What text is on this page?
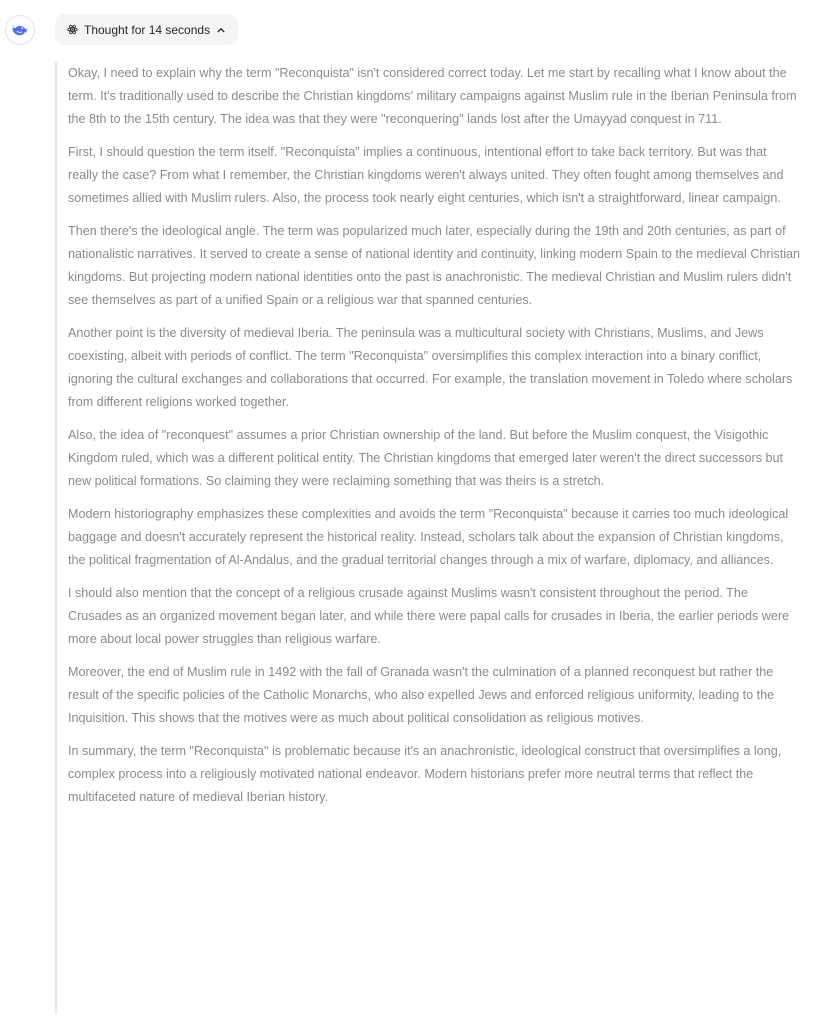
Thought for 14 seconds

Okay, I need to explain why the term "Reconquista" isn't considered correct today. Let me start by recalling what I know about the term. It's traditionally used to describe the Christian kingdoms' military campaigns against Muslim rule in the Iberian Peninsula from the 8th to the 15th century. The idea was that they were "reconquering" lands lost after the Umayyad conquest in 711.

First, I should question the term itself. "Reconquista" implies a continuous, intentional effort to take back territory. But was that really the case? From what I remember, the Christian kingdoms weren't always united. They often fought among themselves and sometimes allied with Muslim rulers. Also, the process took nearly eight centuries, which isn't a straightforward, linear campaign.

Then there's the ideological angle. The term was popularized much later, especially during the 19th and 20th centuries, as part of nationalistic narratives. It served to create a sense of national identity and continuity, linking modern Spain to the medieval Christian kingdoms. But projecting modern national identities onto the past is anachronistic. The medieval Christian and Muslim rulers didn't see themselves as part of a unified Spain or a religious war that spanned centuries.

Another point is the diversity of medieval Iberia. The peninsula was a multicultural society with Christians, Muslims, and Jews coexisting, albeit with periods of conflict. The term "Reconquista" oversimplifies this complex interaction into a binary conflict, ignoring the cultural exchanges and collaborations that occurred. For example, the translation movement in Toledo where scholars from different religions worked together.

Also, the idea of "reconquest" assumes a prior Christian ownership of the land. But before the Muslim conquest, the Visigothic Kingdom ruled, which was a different political entity. The Christian kingdoms that emerged later weren't the direct successors but new political formations. So claiming they were reclaiming something that was theirs is a stretch.

Modern historiography emphasizes these complexities and avoids the term "Reconquista" because it carries too much ideological baggage and doesn't accurately represent the historical reality. Instead, scholars talk about the expansion of Christian kingdoms, the political fragmentation of Al-Andalus, and the gradual territorial changes through a mix of warfare, diplomacy, and alliances.

I should also mention that the concept of a religious crusade against Muslims wasn't consistent throughout the period. The Crusades as an organized movement began later, and while there were papal calls for crusades in Iberia, the earlier periods were more about local power struggles than religious warfare.

Moreover, the end of Muslim rule in 1492 with the fall of Granada wasn't the culmination of a planned reconquest but rather the result of the specific policies of the Catholic Monarchs, who also expelled Jews and enforced religious uniformity, leading to the Inquisition. This shows that the motives were as much about political consolidation as religious motives.

In summary, the term "Reconquista" is problematic because it's an anachronistic, ideological construct that oversimplifies a long, complex process into a religiously motivated national endeavor. Modern historians prefer more neutral terms that reflect the multifaceted nature of medieval Iberian history.
